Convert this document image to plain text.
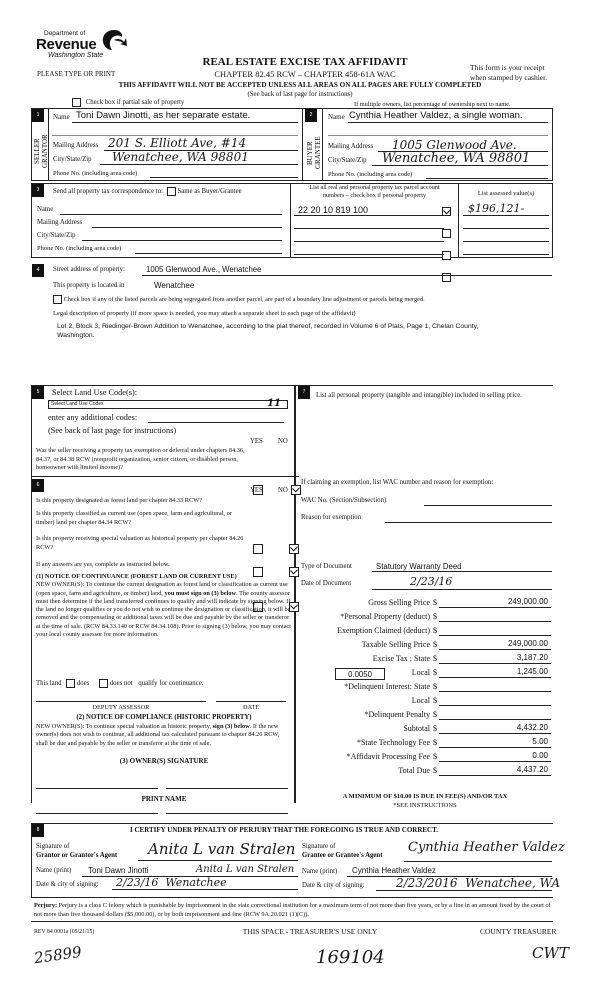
Department of
Revenue
Washington State
PLEASE TYPE OR PRINT
REAL ESTATE EXCISE TAX AFFIDAVIT
CHAPTER 82.45 RCW – CHAPTER 458-61A WAC
This form is your receipt
when stamped by cashier.
THIS AFFIDAVIT WILL NOT BE ACCEPTED UNLESS ALL AREAS ON ALL PAGES ARE FULLY COMPLETED
(See back of last page for instructions)
Check box if partial sale of property	If multiple owners, list percentage of ownership next to name.
1
SELLER
GRANTOR
Name Toni Dawn Jinotti, as her separate estate.
Mailing Address 201 S. Elliott Ave, #14
City/State/Zip Wenatchee, WA 98801
Phone No. (including area code)
2
BUYER
GRANTEE
Name Cynthia Heather Valdez, a single woman.
Mailing Address 1005 Glenwood Ave.
City/State/Zip Wenatchee, WA 98801
Phone No. (including area code)
3	Send all property tax correspondence to: Same as Buyer/Grantee
Name
Mailing Address
City/State/Zip
Phone No. (including area code)
List all real and personal property tax parcel account
numbers – check box if personal property	List assessed value(s)
22 20 10 819 100	$196,121-
4	Street address of property:	1005 Glenwood Ave., Wenatchee
This property is located in	Wenatchee
Check box if any of the listed parcels are being segregated from another parcel, are part of a boundary line adjustment or parcels being merged.
Legal description of property (if more space is needed, you may attach a separate sheet to each page of the affidavit)
Lot 2, Block 3, Riedinger-Brown Addition to Wenatchee, according to the plat thereof, recorded in Volume 6 of Plats, Page 1, Chelan County, Washington.
5	Select Land Use Code(s):
Select Land Use Codes	11
enter any additional codes:
(See back of last page for instructions)
YES NO
Was the seller receiving a property tax exemption or deferral under chapters 84.36, 84.37, or 84.38 RCW (nonprofit organization, senior citizen, or disabled person, homeowner with limited income)?

6
YES NO
Is this property designated as forest land per chapter 84.33 RCW?
Is this property classified as current use (open space, farm and agricultural, or timber) land per chapter 84.34 RCW?
Is this property receiving special valuation as historical property per chapter 84.26 RCW?
If any answers are yes, complete as instructed below.
(1) NOTICE OF CONTINUANCE (FOREST LAND OR CURRENT USE)
NEW OWNER(S): To continue the current designation as forest land or classification as current use (open space, farm and agriculture, or timber) land, you must sign on (3) below. The county assessor must then determine if the land transferred continues to qualify and will indicate by signing below. If the land no longer qualifies or you do not wish to continue the designation or classification, it will be removed and the compensating or additional taxes will be due and payable by the seller or transferor at the time of sale. (RCW 84.33.140 or RCW 84.34.108). Prior to signing (3) below, you may contact your local county assessor for more information.
This land does	does not qualify for continuance.
DEPUTY ASSESSOR	DATE
(2) NOTICE OF COMPLIANCE (HISTORIC PROPERTY)
NEW OWNER(S): To continue special valuation as historic property, sign (3) below. If the new owner(s) does not wish to continue, all additional tax calculated pursuant to chapter 84.26 RCW, shall be due and payable by the seller or transferor at the time of sale.
(3) OWNER(S) SIGNATURE
PRINT NAME
7	List all personal property (tangible and intangible) included in selling price.
If claiming an exemption, list WAC number and reason for exemption:
WAC No. (Section/Subsection)
Reason for exemption
Type of Document	Statutory Warranty Deed
Date of Document	2/23/16
0.0050
Gross Selling Price $	249,000.00
*Personal Property (deduct) $
Exemption Claimed (deduct) $
Taxable Selling Price $	249,000.00
Excise Tax : State $	3,187.20
Local $	1,245.00
*Delinquent Interest: State $
Local $
*Delinquent Penalty $
Subtotal $	4,432.20
*State Technology Fee $	5.00
*Affidavit Processing Fee $	0.00
Total Due $	4,437.20
A MINIMUM OF $10.00 IS DUE IN FEE(S) AND/OR TAX
*SEE INSTRUCTIONS
8	I CERTIFY UNDER PENALTY OF PERJURY THAT THE FOREGOING IS TRUE AND CORRECT.
Signature of
Grantor or Grantor's Agent Anita L van Stralen
Name (print) Toni Dawn Jinotti	Anita L van Stralen
Date & city of signing: 2/23/16  Wenatchee
Signature of
Grantee or Grantee's Agent
Cynthia Heather Valdez
Name (print) Cynthia Heather Valdez
Date & city of signing:	2/23/2016  Wenatchee, WA
Perjury: Perjury is a class C felony which is punishable by imprisonment in the state correctional institution for a maximum term of not more than five years, or by a fine in an amount fixed by the court of not more than five thousand dollars ($5,000.00), or by both imprisonment and fine (RCW 9A.20.021 (1)(C)).
REV 84 0001a (05/21/15)	THIS SPACE - TREASURER'S USE ONLY	COUNTY TREASURER
25899	169104	CWT
